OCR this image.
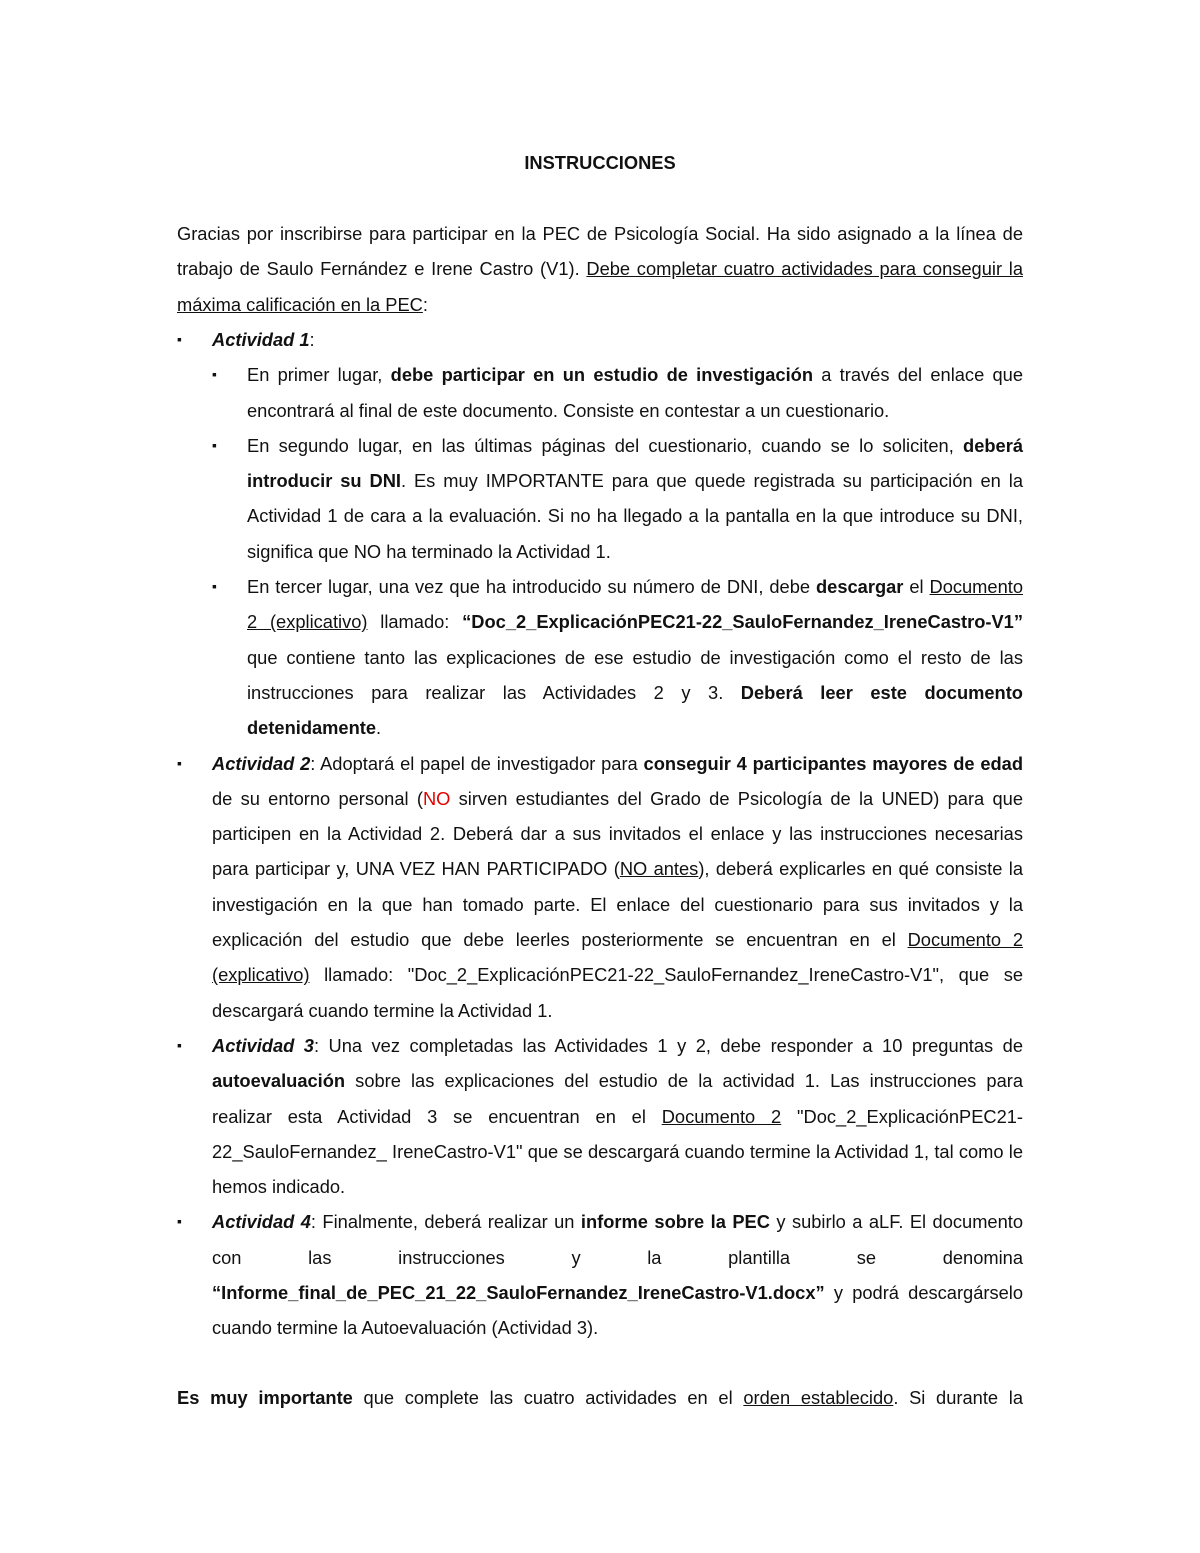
INSTRUCCIONES

Gracias por inscribirse para participar en la PEC de Psicología Social. Ha sido asignado a la línea de trabajo de Saulo Fernández e Irene Castro (V1). Debe completar cuatro actividades para conseguir la máxima calificación en la PEC:

▪	Actividad 1:
▪	En primer lugar, debe participar en un estudio de investigación a través del enlace que encontrará al final de este documento. Consiste en contestar a un cuestionario.
▪	En segundo lugar, en las últimas páginas del cuestionario, cuando se lo soliciten, deberá introducir su DNI. Es muy IMPORTANTE para que quede registrada su participación en la Actividad 1 de cara a la evaluación. Si no ha llegado a la pantalla en la que introduce su DNI, significa que NO ha terminado la Actividad 1.
▪	En tercer lugar, una vez que ha introducido su número de DNI, debe descargar el Documento 2 (explicativo) llamado: “Doc_2_ExplicaciónPEC21-22_SauloFernandez_IreneCastro-V1” que contiene tanto las explicaciones de ese estudio de investigación como el resto de las instrucciones para realizar las Actividades 2 y 3. Deberá leer este documento detenidamente.
▪	Actividad 2: Adoptará el papel de investigador para conseguir 4 participantes mayores de edad de su entorno personal (NO sirven estudiantes del Grado de Psicología de la UNED) para que participen en la Actividad 2. Deberá dar a sus invitados el enlace y las instrucciones necesarias para participar y, UNA VEZ HAN PARTICIPADO (NO antes), deberá explicarles en qué consiste la investigación en la que han tomado parte. El enlace del cuestionario para sus invitados y la explicación del estudio que debe leerles posteriormente se encuentran en el Documento 2 (explicativo) llamado: "Doc_2_ExplicaciónPEC21-22_SauloFernandez_IreneCastro-V1", que se descargará cuando termine la Actividad 1.
▪	Actividad 3: Una vez completadas las Actividades 1 y 2, debe responder a 10 preguntas de autoevaluación sobre las explicaciones del estudio de la actividad 1. Las instrucciones para realizar esta Actividad 3 se encuentran en el Documento 2 "Doc_2_ExplicaciónPEC21-22_SauloFernandez_ IreneCastro-V1" que se descargará cuando termine la Actividad 1, tal como le hemos indicado.
▪	Actividad 4: Finalmente, deberá realizar un informe sobre la PEC y subirlo a aLF. El documento con las instrucciones y la plantilla se denomina “Informe_final_de_PEC_21_22_SauloFernandez_IreneCastro-V1.docx” y podrá descargárselo cuando termine la Autoevaluación (Actividad 3).

Es muy importante que complete las cuatro actividades en el orden establecido. Si durante la
